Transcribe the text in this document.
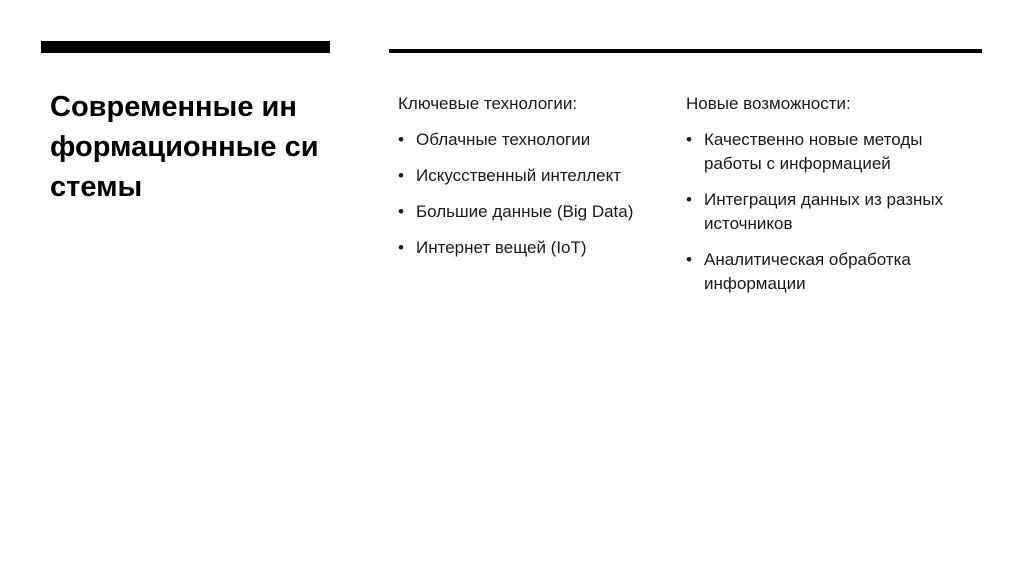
Современные информационные системы

Ключевые технологии:

• Облачные технологии
• Искусственный интеллект
• Большие данные (Big Data)
• Интернет вещей (IoT)

Новые возможности:

• Качественно новые методы работы с информацией
• Интеграция данных из разных источников
• Аналитическая обработка информации
